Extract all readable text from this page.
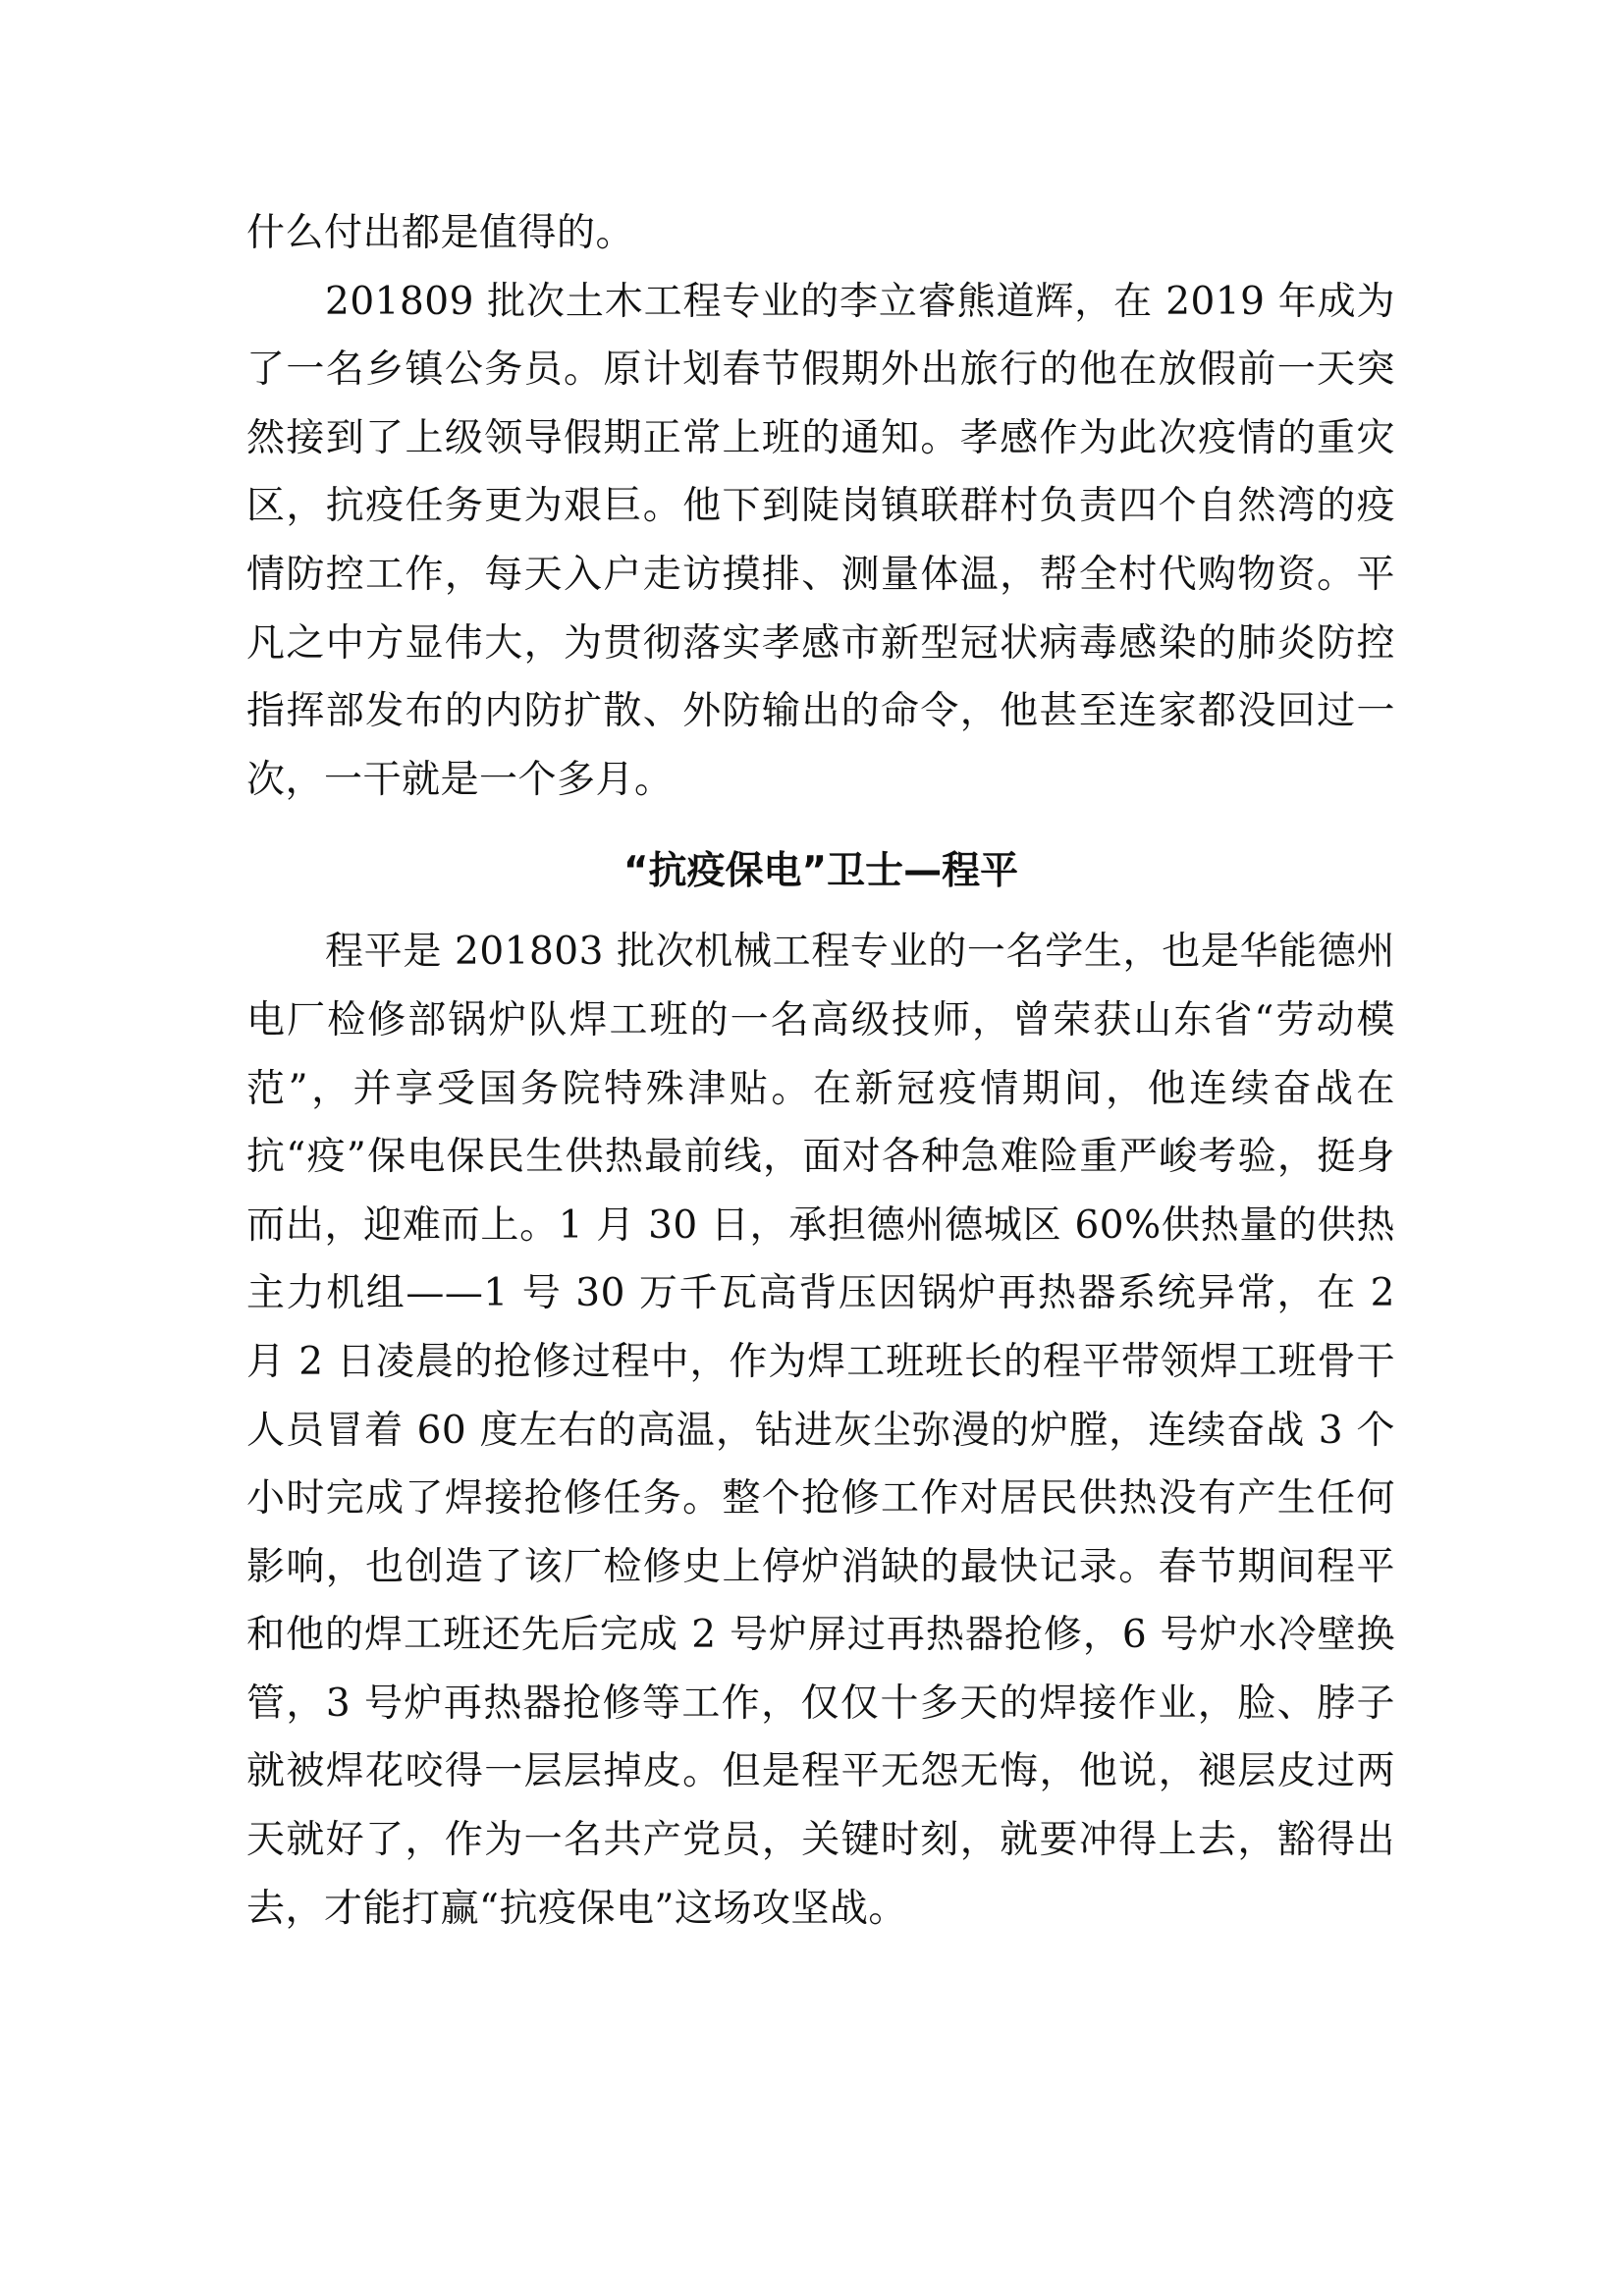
什么付出都是值得的。

201809 批次土木工程专业的李立睿熊道辉，在 2019 年成为了一名乡镇公务员。原计划春节假期外出旅行的他在放假前一天突然接到了上级领导假期正常上班的通知。孝感作为此次疫情的重灾区，抗疫任务更为艰巨。他下到陡岗镇联群村负责四个自然湾的疫情防控工作，每天入户走访摸排、测量体温，帮全村代购物资。平凡之中方显伟大，为贯彻落实孝感市新型冠状病毒感染的肺炎防控指挥部发布的内防扩散、外防输出的命令，他甚至连家都没回过一次，一干就是一个多月。

“抗疫保电”卫士—程平

程平是 201803 批次机械工程专业的一名学生，也是华能德州电厂检修部锅炉队焊工班的一名高级技师，曾荣获山东省“劳动模范”，并享受国务院特殊津贴。在新冠疫情期间，他连续奋战在抗“疫”保电保民生供热最前线，面对各种急难险重严峻考验，挺身而出，迎难而上。1 月 30 日，承担德州德城区 60%供热量的供热主力机组——1 号 30 万千瓦高背压因锅炉再热器系统异常，在 2 月 2 日凌晨的抢修过程中，作为焊工班班长的程平带领焊工班骨干人员冒着 60 度左右的高温，钻进灰尘弥漫的炉膛，连续奋战 3 个小时完成了焊接抢修任务。整个抢修工作对居民供热没有产生任何影响，也创造了该厂检修史上停炉消缺的最快记录。春节期间程平和他的焊工班还先后完成 2 号炉屏过再热器抢修，6 号炉水冷壁换管，3 号炉再热器抢修等工作，仅仅十多天的焊接作业，脸、脖子就被焊花咬得一层层掉皮。但是程平无怨无悔，他说，褪层皮过两天就好了，作为一名共产党员，关键时刻，就要冲得上去，豁得出去，才能打赢“抗疫保电”这场攻坚战。
